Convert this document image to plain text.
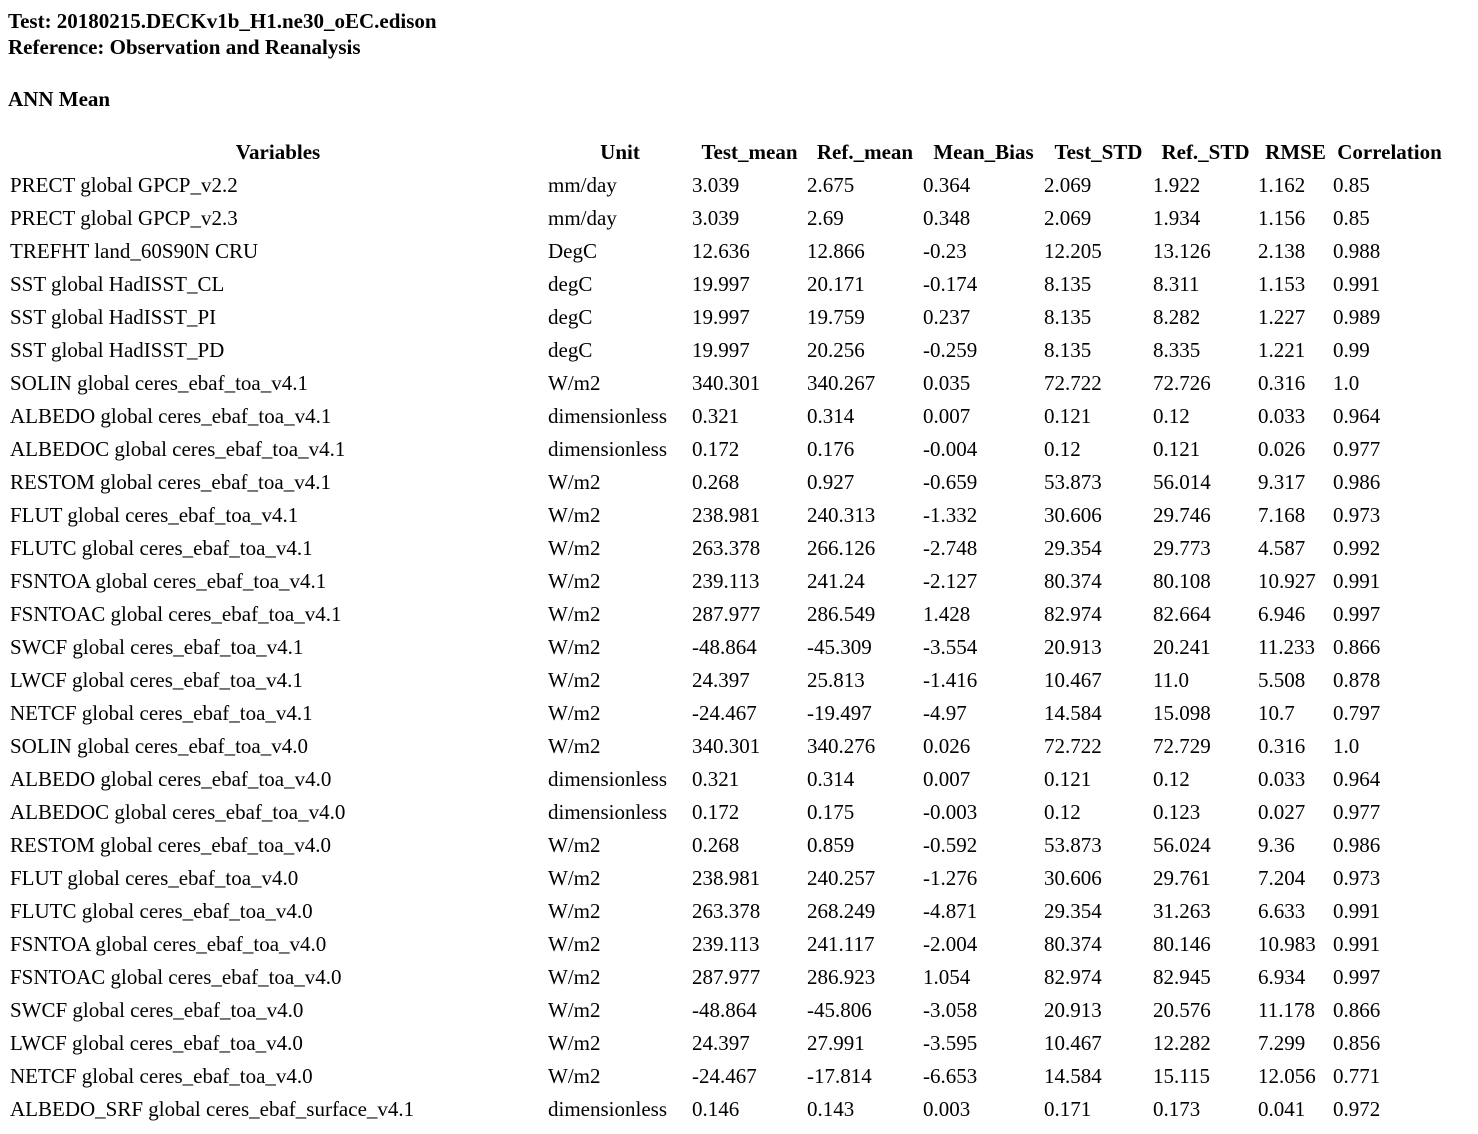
Test: 20180215.DECKv1b_H1.ne30_oEC.edison

Reference: Observation and Reanalysis

ANN Mean

Variables	Unit	Test_mean	Ref._mean	Mean_Bias	Test_STD	Ref._STD	RMSE	Correlation
PRECT global GPCP_v2.2	mm/day	3.039	2.675	0.364	2.069	1.922	1.162	0.85
PRECT global GPCP_v2.3	mm/day	3.039	2.69	0.348	2.069	1.934	1.156	0.85
TREFHT land_60S90N CRU	DegC	12.636	12.866	-0.23	12.205	13.126	2.138	0.988
SST global HadISST_CL	degC	19.997	20.171	-0.174	8.135	8.311	1.153	0.991
SST global HadISST_PI	degC	19.997	19.759	0.237	8.135	8.282	1.227	0.989
SST global HadISST_PD	degC	19.997	20.256	-0.259	8.135	8.335	1.221	0.99
SOLIN global ceres_ebaf_toa_v4.1	W/m2	340.301	340.267	0.035	72.722	72.726	0.316	1.0
ALBEDO global ceres_ebaf_toa_v4.1	dimensionless	0.321	0.314	0.007	0.121	0.12	0.033	0.964
ALBEDOC global ceres_ebaf_toa_v4.1	dimensionless	0.172	0.176	-0.004	0.12	0.121	0.026	0.977
RESTOM global ceres_ebaf_toa_v4.1	W/m2	0.268	0.927	-0.659	53.873	56.014	9.317	0.986
FLUT global ceres_ebaf_toa_v4.1	W/m2	238.981	240.313	-1.332	30.606	29.746	7.168	0.973
FLUTC global ceres_ebaf_toa_v4.1	W/m2	263.378	266.126	-2.748	29.354	29.773	4.587	0.992
FSNTOA global ceres_ebaf_toa_v4.1	W/m2	239.113	241.24	-2.127	80.374	80.108	10.927	0.991
FSNTOAC global ceres_ebaf_toa_v4.1	W/m2	287.977	286.549	1.428	82.974	82.664	6.946	0.997
SWCF global ceres_ebaf_toa_v4.1	W/m2	-48.864	-45.309	-3.554	20.913	20.241	11.233	0.866
LWCF global ceres_ebaf_toa_v4.1	W/m2	24.397	25.813	-1.416	10.467	11.0	5.508	0.878
NETCF global ceres_ebaf_toa_v4.1	W/m2	-24.467	-19.497	-4.97	14.584	15.098	10.7	0.797
SOLIN global ceres_ebaf_toa_v4.0	W/m2	340.301	340.276	0.026	72.722	72.729	0.316	1.0
ALBEDO global ceres_ebaf_toa_v4.0	dimensionless	0.321	0.314	0.007	0.121	0.12	0.033	0.964
ALBEDOC global ceres_ebaf_toa_v4.0	dimensionless	0.172	0.175	-0.003	0.12	0.123	0.027	0.977
RESTOM global ceres_ebaf_toa_v4.0	W/m2	0.268	0.859	-0.592	53.873	56.024	9.36	0.986
FLUT global ceres_ebaf_toa_v4.0	W/m2	238.981	240.257	-1.276	30.606	29.761	7.204	0.973
FLUTC global ceres_ebaf_toa_v4.0	W/m2	263.378	268.249	-4.871	29.354	31.263	6.633	0.991
FSNTOA global ceres_ebaf_toa_v4.0	W/m2	239.113	241.117	-2.004	80.374	80.146	10.983	0.991
FSNTOAC global ceres_ebaf_toa_v4.0	W/m2	287.977	286.923	1.054	82.974	82.945	6.934	0.997
SWCF global ceres_ebaf_toa_v4.0	W/m2	-48.864	-45.806	-3.058	20.913	20.576	11.178	0.866
LWCF global ceres_ebaf_toa_v4.0	W/m2	24.397	27.991	-3.595	10.467	12.282	7.299	0.856
NETCF global ceres_ebaf_toa_v4.0	W/m2	-24.467	-17.814	-6.653	14.584	15.115	12.056	0.771
ALBEDO_SRF global ceres_ebaf_surface_v4.1	dimensionless	0.146	0.143	0.003	0.171	0.173	0.041	0.972
